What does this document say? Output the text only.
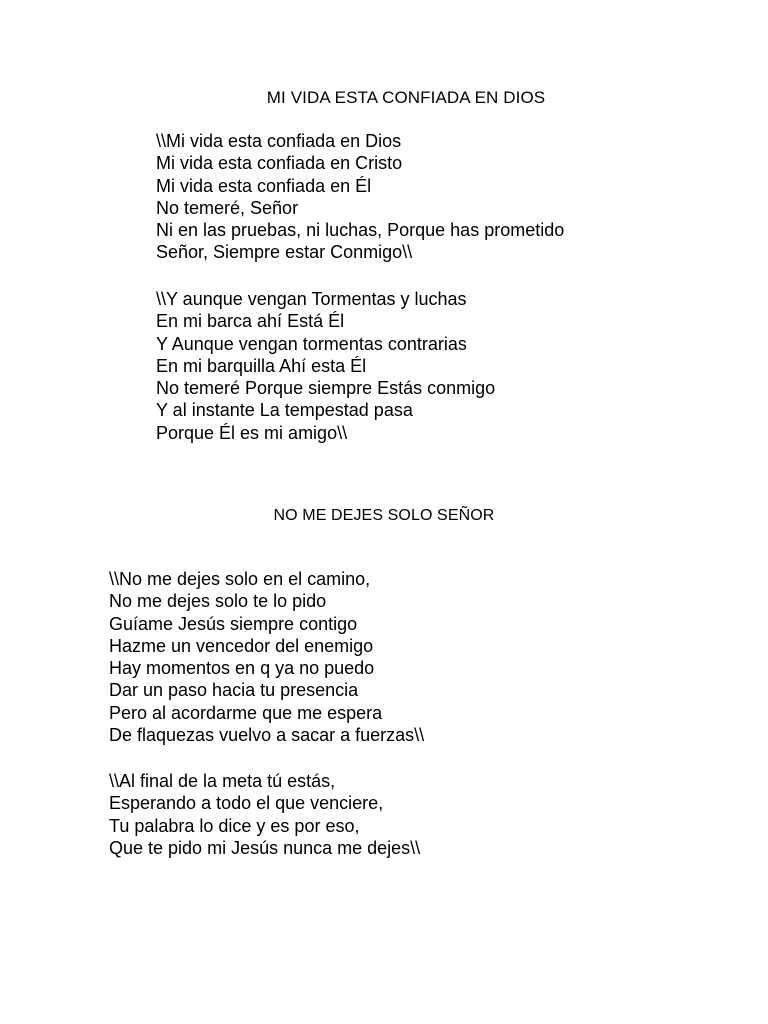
MI VIDA ESTA CONFIADA EN DIOS
\\Mi vida esta confiada en Dios
Mi vida esta confiada en Cristo
Mi vida esta confiada en Él
No temeré, Señor
Ni en las pruebas, ni luchas, Porque has prometido
Señor, Siempre estar Conmigo\\
\\Y aunque vengan Tormentas y luchas
En mi barca ahí Está Él
Y Aunque vengan tormentas contrarias
En mi barquilla Ahí esta Él
No temeré Porque siempre Estás conmigo
Y al instante La tempestad pasa
Porque Él es mi amigo\\
NO ME DEJES SOLO SEÑOR
\\No me dejes solo en el camino,
No me dejes solo te lo pido
Guíame Jesús siempre contigo
Hazme un vencedor del enemigo
Hay momentos en q ya no puedo
Dar un paso hacia tu presencia
Pero al acordarme que me espera
De flaquezas vuelvo a sacar a fuerzas\\
\\Al final de la meta tú estás,
Esperando a todo el que venciere,
Tu palabra lo dice y es por eso,
Que te pido mi Jesús nunca me dejes\\
